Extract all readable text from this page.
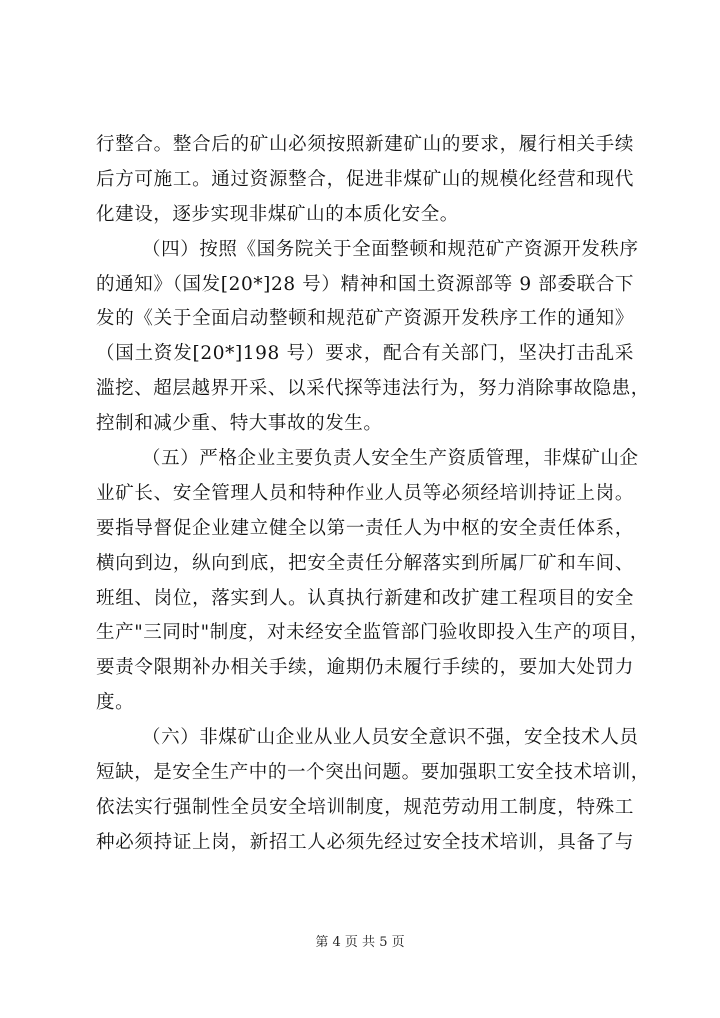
行整合。整合后的矿山必须按照新建矿山的要求，履行相关手续
后方可施工。通过资源整合，促进非煤矿山的规模化经营和现代
化建设，逐步实现非煤矿山的本质化安全。
（四）按照《国务院关于全面整顿和规范矿产资源开发秩序
的通知》（国发[20*]28 号）精神和国土资源部等 9 部委联合下
发的《关于全面启动整顿和规范矿产资源开发秩序工作的通知》
（国土资发[20*]198 号）要求，配合有关部门，坚决打击乱采
滥挖、超层越界开采、以采代探等违法行为，努力消除事故隐患，
控制和减少重、特大事故的发生。
（五）严格企业主要负责人安全生产资质管理，非煤矿山企
业矿长、安全管理人员和特种作业人员等必须经培训持证上岗。
要指导督促企业建立健全以第一责任人为中枢的安全责任体系，
横向到边，纵向到底，把安全责任分解落实到所属厂矿和车间、
班组、岗位，落实到人。认真执行新建和改扩建工程项目的安全
生产"三同时"制度，对未经安全监管部门验收即投入生产的项目，
要责令限期补办相关手续，逾期仍未履行手续的，要加大处罚力
度。
（六）非煤矿山企业从业人员安全意识不强，安全技术人员
短缺，是安全生产中的一个突出问题。要加强职工安全技术培训，
依法实行强制性全员安全培训制度，规范劳动用工制度，特殊工
种必须持证上岗，新招工人必须先经过安全技术培训，具备了与
第 4 页 共 5 页
